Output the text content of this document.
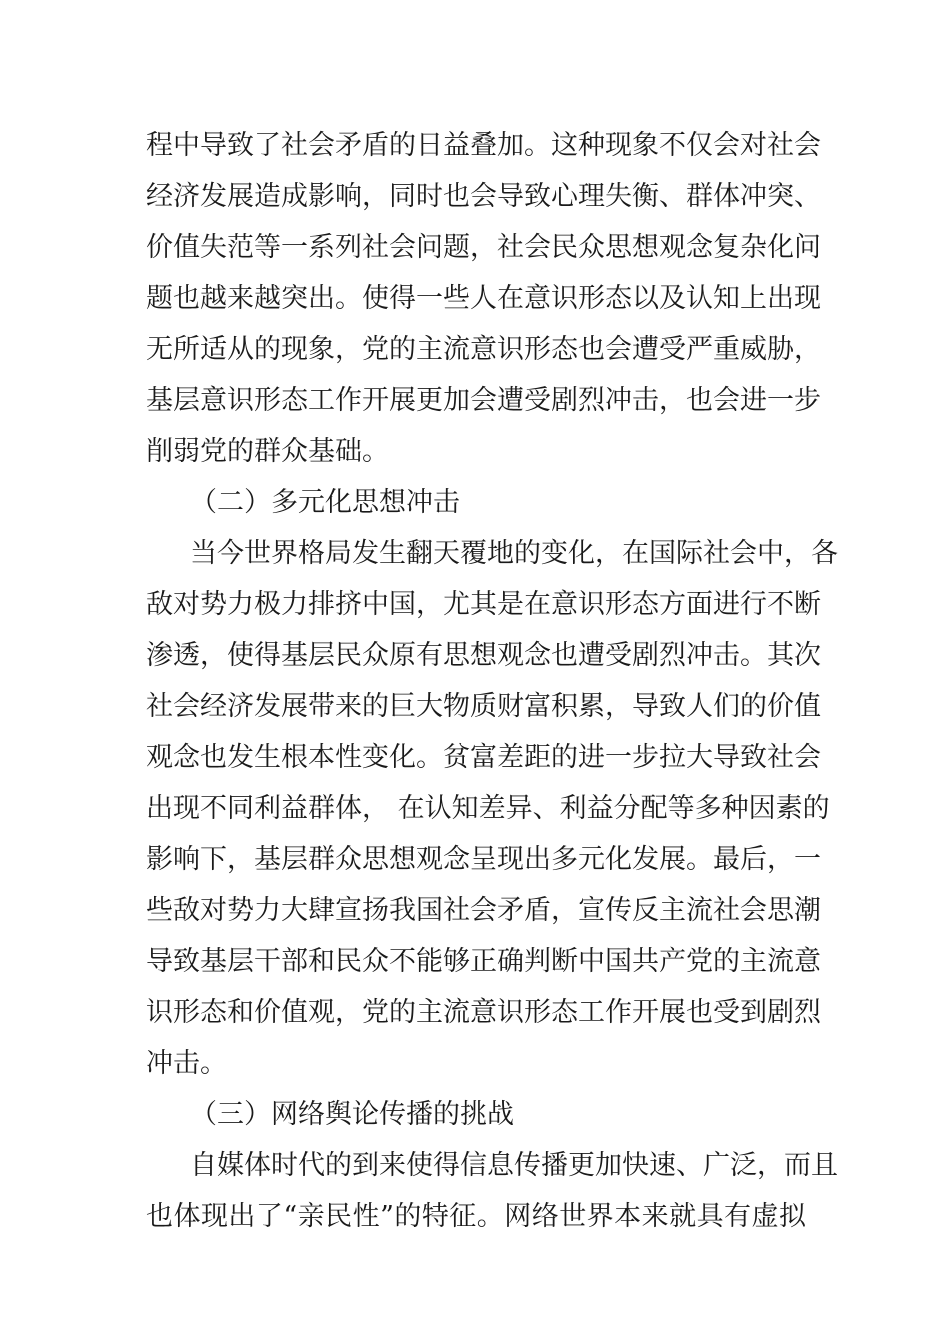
程中导致了社会矛盾的日益叠加。这种现象不仅会对社会
经济发展造成影响，同时也会导致心理失衡、群体冲突、
价值失范等一系列社会问题，社会民众思想观念复杂化问
题也越来越突出。使得一些人在意识形态以及认知上出现
无所适从的现象，党的主流意识形态也会遭受严重威胁，
基层意识形态工作开展更加会遭受剧烈冲击，也会进一步
削弱党的群众基础。
（二）多元化思想冲击
当今世界格局发生翻天覆地的变化，在国际社会中，各
敌对势力极力排挤中国，尤其是在意识形态方面进行不断
渗透，使得基层民众原有思想观念也遭受剧烈冲击。其次
社会经济发展带来的巨大物质财富积累，导致人们的价值
观念也发生根本性变化。贫富差距的进一步拉大导致社会
出现不同利益群体， 在认知差异、利益分配等多种因素的
影响下，基层群众思想观念呈现出多元化发展。最后，一
些敌对势力大肆宣扬我国社会矛盾，宣传反主流社会思潮
导致基层干部和民众不能够正确判断中国共产党的主流意
识形态和价值观，党的主流意识形态工作开展也受到剧烈
冲击。
（三）网络舆论传播的挑战
自媒体时代的到来使得信息传播更加快速、广泛，而且
也体现出了“亲民性”的特征。网络世界本来就具有虚拟
